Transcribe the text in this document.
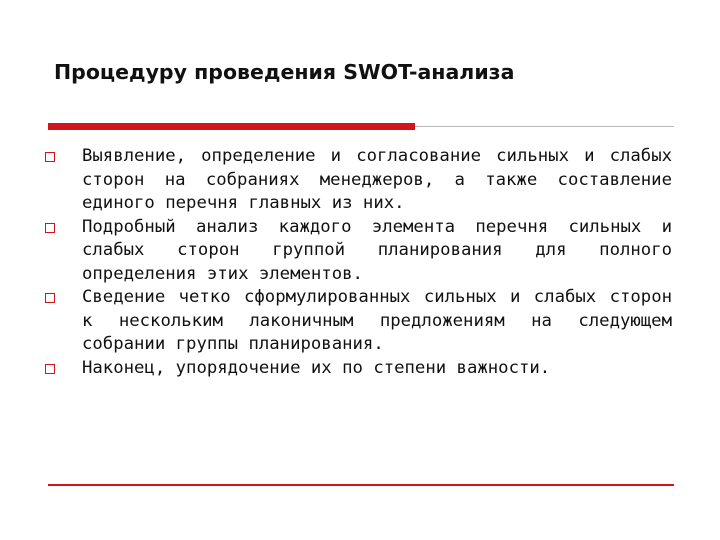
Процедуру проведения SWOT-анализа
Выявление, определение и согласование сильных и слабых сторон на собраниях менеджеров, а также составление единого перечня главных из них.
Подробный анализ каждого элемента перечня сильных и слабых сторон группой планирования для полного определения этих элементов.
Сведение четко сформулированных сильных и слабых сторон к нескольким лаконичным предложениям на следующем собрании группы планирования.
Наконец, упорядочение их по степени важности.
